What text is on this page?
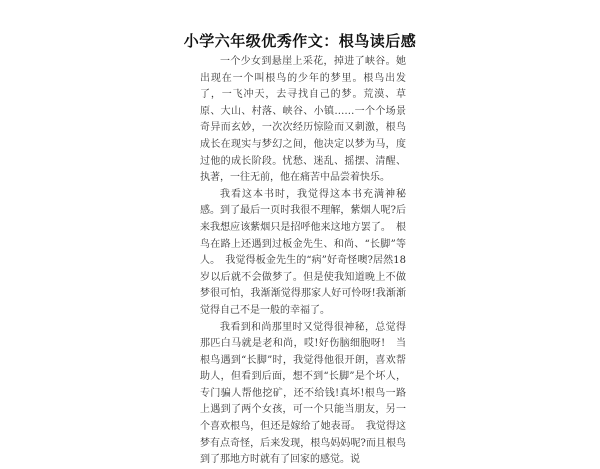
小学六年级优秀作文：根鸟读后感

一个少女到悬崖上采花，掉进了峡谷。她出现在一个叫根鸟的少年的梦里。根鸟出发了，一飞冲天，去寻找自己的梦。荒漠、草原、大山、村落、峡谷、小镇……一个个场景奇异而玄妙，一次次经历惊险而又刺激，根鸟成长在现实与梦幻之间，他决定以梦为马，度过他的成长阶段。忧愁、迷乱、摇摆、清醒、执著，一往无前，他在痛苦中品尝着快乐。

我看这本书时，我觉得这本书充满神秘感。到了最后一页时我很不理解，紫烟人呢?后来我想应该紫烟只是招呼他来这地方罢了。　根鸟在路上还遇到过板金先生、和尚、“长脚”等人。　我觉得板金先生的“病”好奇怪噢?居然18岁以后就不会做梦了。但是使我知道晚上不做梦很可怕，我渐渐觉得那家人好可怜呀!我渐渐觉得自己不是一般的幸福了。

我看到和尚那里时又觉得很神秘，总觉得那匹白马就是老和尚，哎!好伤脑细胞呀!　当根鸟遇到“长脚”时，我觉得他很开朗，喜欢帮助人，但看到后面，想不到“长脚”是个坏人，专门骗人帮他挖矿，还不给钱!真坏!根鸟一路上遇到了两个女孩，可一个只能当朋友，另一个喜欢根鸟，但还是嫁给了她表哥。　我觉得这梦有点奇怪，后来发现，根鸟妈妈呢?而且根鸟到了那地方时就有了回家的感觉。说
